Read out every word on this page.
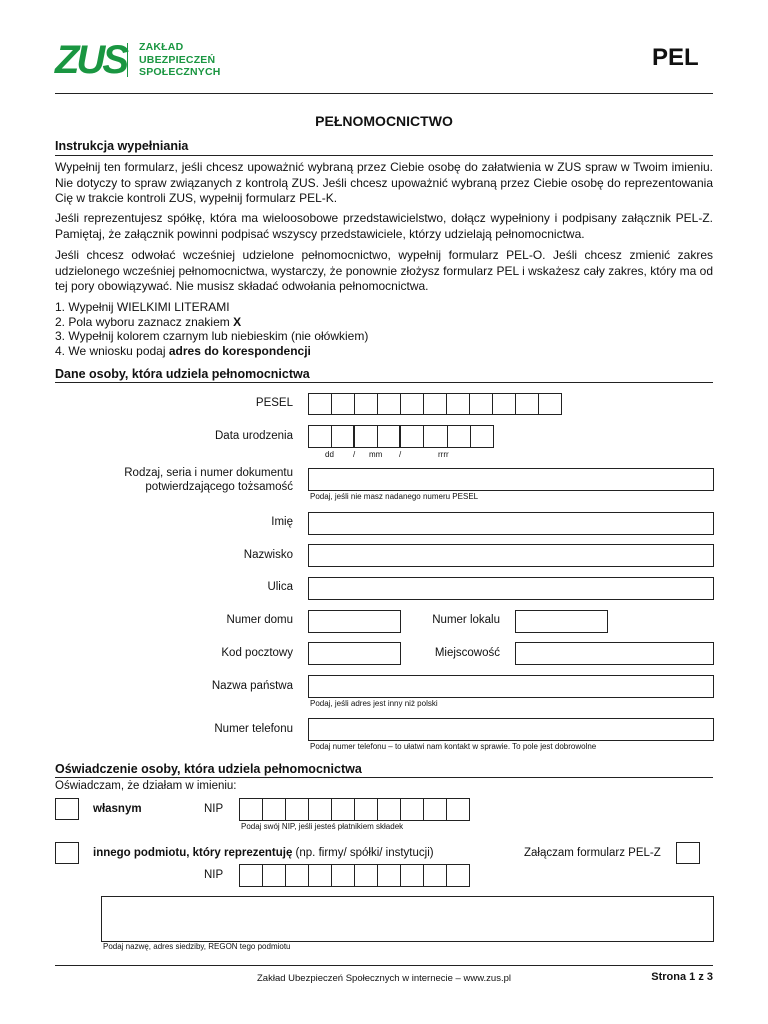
ZUS ZAKŁAD
UBEZPIECZEŃ
SPOŁECZNYCH
PEL
PEŁNOMOCNICTWO
Instrukcja wypełniania
Wypełnij ten formularz, jeśli chcesz upoważnić wybraną przez Ciebie osobę do załatwienia w ZUS spraw w Twoim imieniu. Nie dotyczy to spraw związanych z kontrolą ZUS. Jeśli chcesz upoważnić wybraną przez Ciebie osobę do reprezentowania Cię w trakcie kontroli ZUS, wypełnij formularz PEL-K.
Jeśli reprezentujesz spółkę, która ma wieloosobowe przedstawicielstwo, dołącz wypełniony i podpisany załącznik PEL-Z. Pamiętaj, że załącznik powinni podpisać wszyscy przedstawiciele, którzy udzielają pełnomocnictwa.
Jeśli chcesz odwołać wcześniej udzielone pełnomocnictwo, wypełnij formularz PEL-O. Jeśli chcesz zmienić zakres udzielonego wcześniej pełnomocnictwa, wystarczy, że ponownie złożysz formularz PEL i wskażesz cały zakres, który ma od tej pory obowiązywać. Nie musisz składać odwołania pełnomocnictwa.
1. Wypełnij WIELKIMI LITERAMI
2. Pola wyboru zaznacz znakiem X
3. Wypełnij kolorem czarnym lub niebieskim (nie ołówkiem)
4. We wniosku podaj adres do korespondencji
Dane osoby, która udziela pełnomocnictwa
PESEL
Data urodzenia
dd / mm /	rrrr
Rodzaj, seria i numer dokumentu
potwierdzającego tożsamość
Podaj, jeśli nie masz nadanego numeru PESEL
Imię
Nazwisko
Ulica
Numer domu	Numer lokalu
Kod pocztowy	Miejscowość
Nazwa państwa
Podaj, jeśli adres jest inny niż polski
Numer telefonu
Podaj numer telefonu – to ułatwi nam kontakt w sprawie. To pole jest dobrowolne
Oświadczenie osoby, która udziela pełnomocnictwa
Oświadczam, że działam w imieniu:
własnym	NIP
Podaj swój NIP, jeśli jesteś płatnikiem składek
innego podmiotu, który reprezentuję (np. firmy/ spółki/ instytucji)	Załączam formularz PEL-Z
NIP
Podaj nazwę, adres siedziby, REGON tego podmiotu
Zakład Ubezpieczeń Społecznych w internecie – www.zus.pl	Strona 1 z 3
